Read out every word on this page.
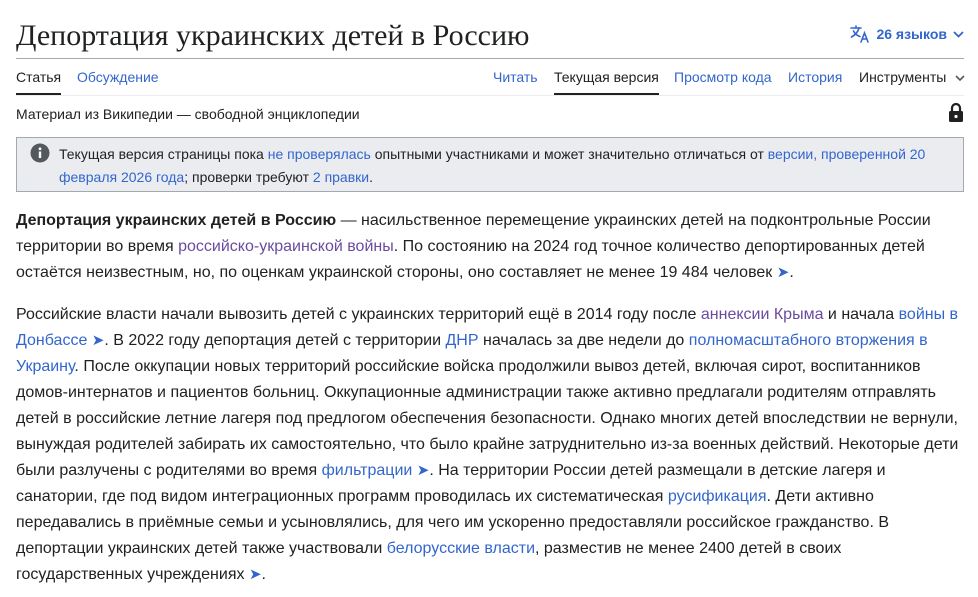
Депортация украинских детей в Россию	26 языков
Статья Обсуждение	Читать Текущая версия Просмотр кода История Инструменты
Материал из Википедии — свободной энциклопедии
Текущая версия страницы пока не проверялась опытными участниками и может значительно отличаться от версии, проверенной 20 февраля 2026 года; проверки требуют 2 правки.

Депортация украинских детей в Россию — насильственное перемещение украинских детей на подконтрольные России территории во время российско-украинской войны. По состоянию на 2024 год точное количество депортированных детей остаётся неизвестным, но, по оценкам украинской стороны, оно составляет не менее 19 484 человек ➤.

Российские власти начали вывозить детей с украинских территорий ещё в 2014 году после аннексии Крыма и начала войны в Донбассе ➤. В 2022 году депортация детей с территории ДНР началась за две недели до полномасштабного вторжения в Украину. После оккупации новых территорий российские войска продолжили вывоз детей, включая сирот, воспитанников домов-интернатов и пациентов больниц. Оккупационные администрации также активно предлагали родителям отправлять детей в российские летние лагеря под предлогом обеспечения безопасности. Однако многих детей впоследствии не вернули, вынуждая родителей забирать их самостоятельно, что было крайне затруднительно из-за военных действий. Некоторые дети были разлучены с родителями во время фильтрации ➤. На территории России детей размещали в детские лагеря и санатории, где под видом интеграционных программ проводилась их систематическая русификация. Дети активно передавались в приёмные семьи и усыновлялись, для чего им ускоренно предоставляли российское гражданство. В депортации украинских детей также участвовали белорусские власти, разместив не менее 2400 детей в своих государственных учреждениях ➤.
